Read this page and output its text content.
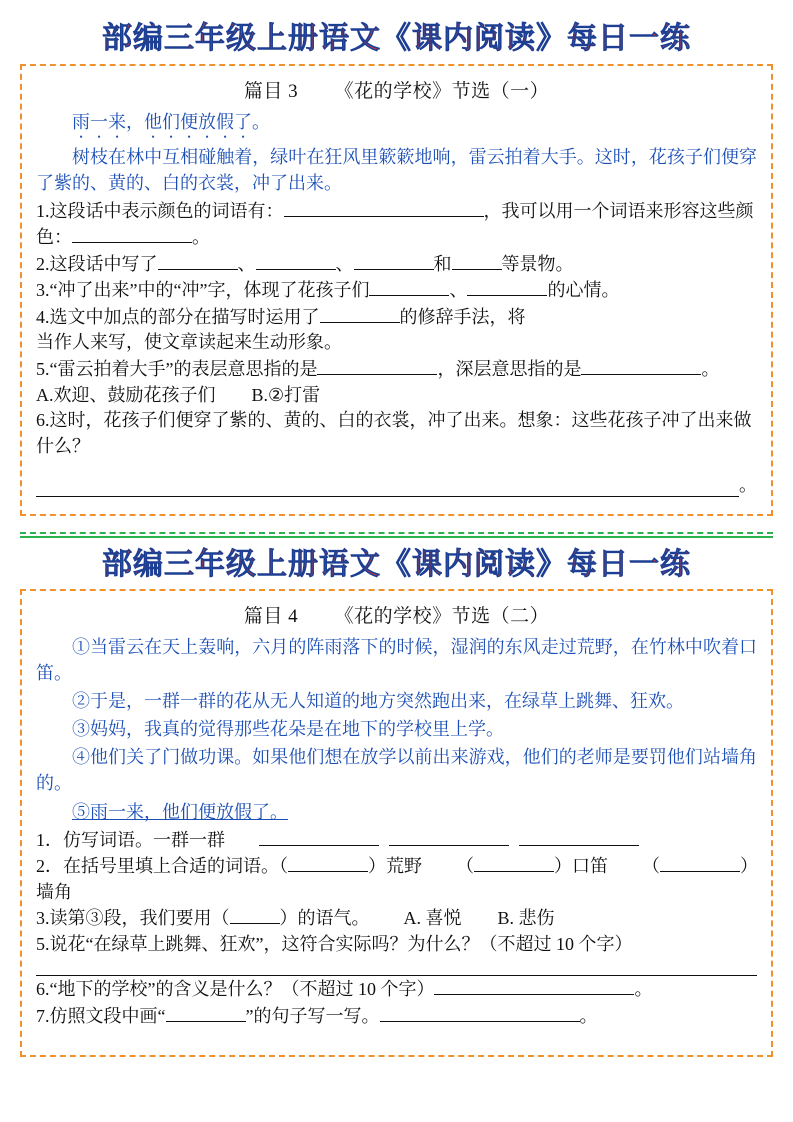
部编三年级上册语文《课内阅读》每日一练
篇目 3 《花的学校》节选（一）

雨一来，他们便放假了。

树枝在林中互相碰触着，绿叶在狂风里簌簌地响，雷云拍着大手。这时，花孩子们便穿了紫的、黄的、白的衣裳，冲了出来。

1.这段话中表示颜色的词语有：	，我可以用一个词语来形容这些颜色：	。

2.这段话中写了	、	、	和	等景物。

3.“冲了出来”中的“冲”字，体现了花孩子们	、	的心情。

4.选文中加点的部分在描写时运用了	的修辞手法，将

当作人来写，使文章读起来生动形象。

5.“雷云拍着大手”的表层意思指的是	，深层意思指的是	。

A.欢迎、鼓励花孩子们　　B.②打雷

6.这时，花孩子们便穿了紫的、黄的、白的衣裳，冲了出来。想象：这些花孩子冲了出来做什么？

。
部编三年级上册语文《课内阅读》每日一练
篇目 4 《花的学校》节选（二）

①当雷云在天上轰响，六月的阵雨落下的时候，湿润的东风走过荒野，在竹林中吹着口笛。

②于是，一群一群的花从无人知道的地方突然跑出来，在绿草上跳舞、狂欢。

③妈妈，我真的觉得那些花朵是在地下的学校里上学。

④他们关了门做功课。如果他们想在放学以前出来游戏，他们的老师是要罚他们站墙角的。

⑤雨一来，他们便放假了。

1．仿写词语。一群一群

2．在括号里填上合适的词语。（	）荒野 （	）口笛 （	）墙角

3.读第③段，我们要用（	）的语气。 A. 喜悦　　B. 悲伤

5.说花“在绿草上跳舞、狂欢”，这符合实际吗？为什么？（不超过 10 个字）

6.“地下的学校”的含义是什么？（不超过 10 个字）	。

7.仿照文段中画“	”的句子写一写。	。
